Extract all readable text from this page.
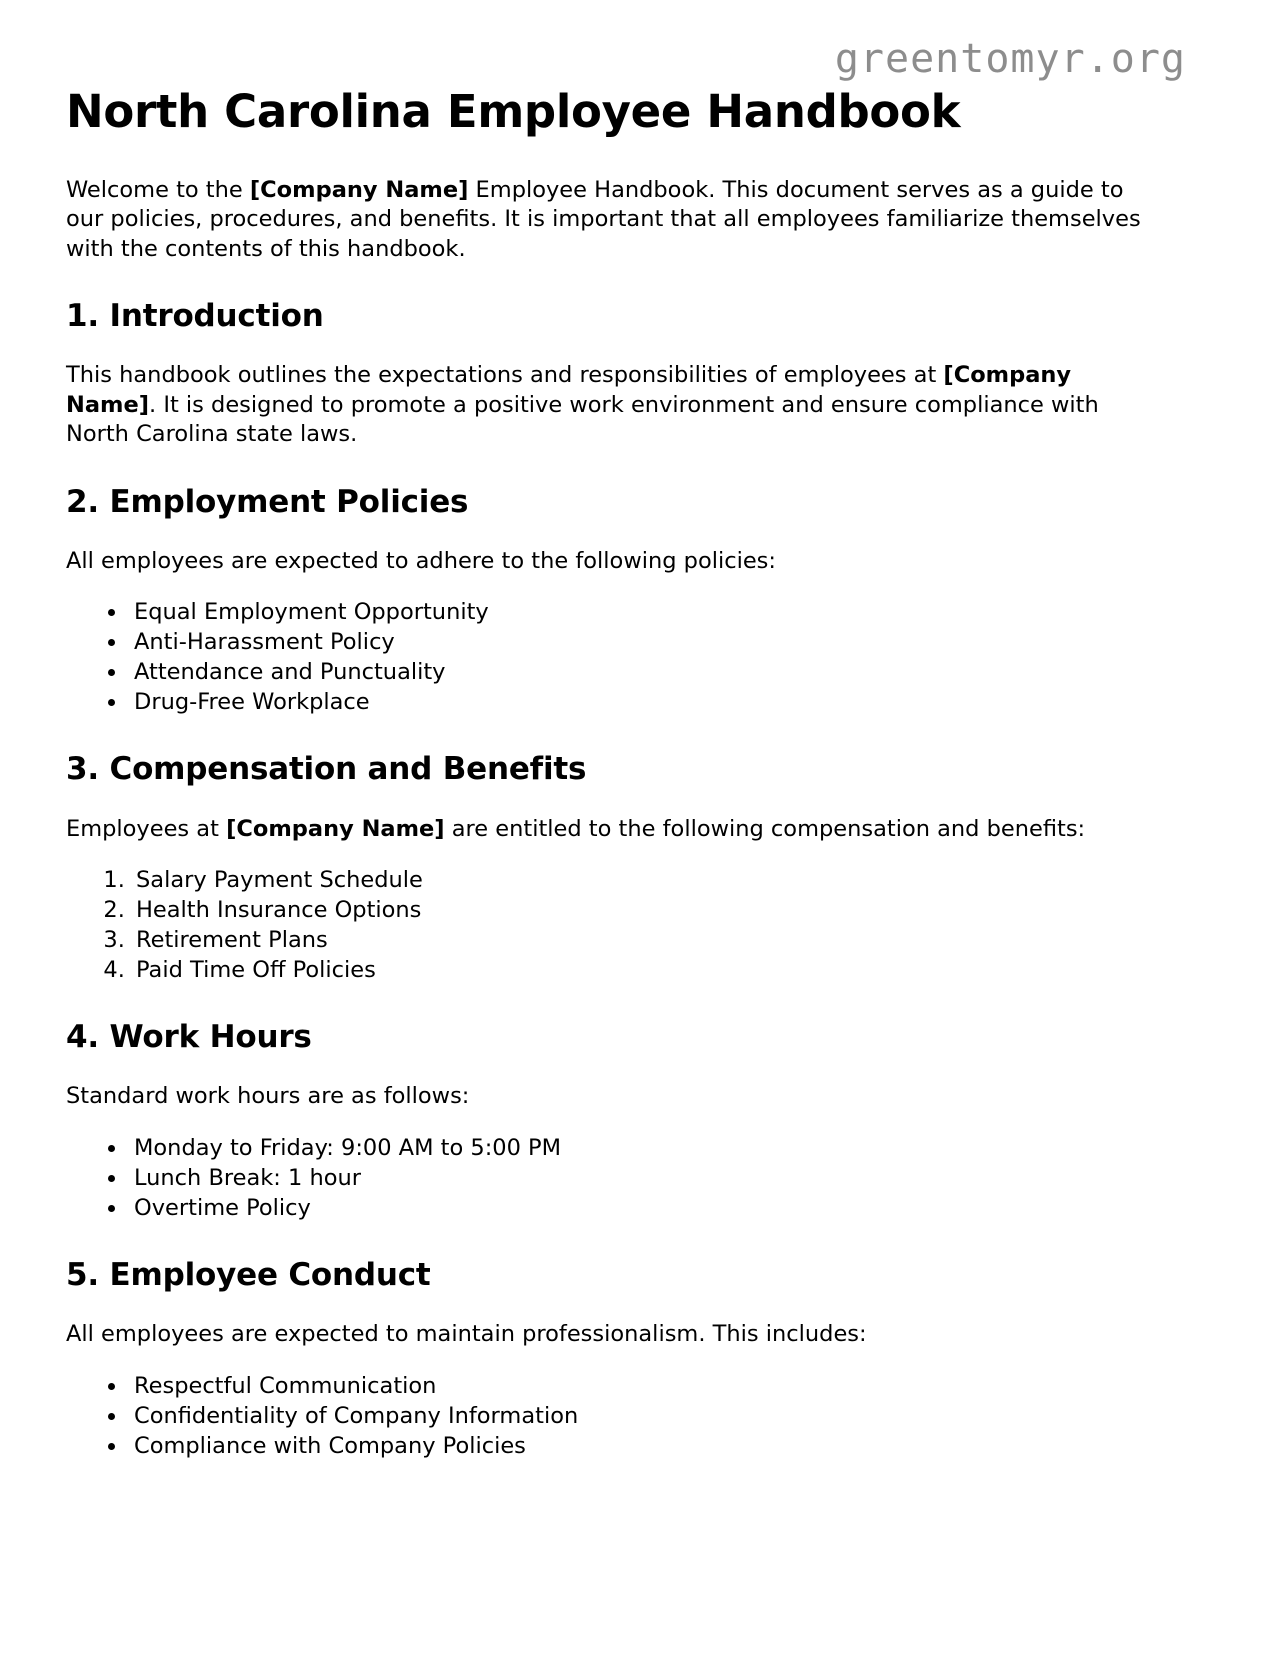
greentomyr.org
North Carolina Employee Handbook

Welcome to the [Company Name] Employee Handbook. This document serves as a guide to our policies, procedures, and benefits. It is important that all employees familiarize themselves with the contents of this handbook.

1. Introduction

This handbook outlines the expectations and responsibilities of employees at [Company Name]. It is designed to promote a positive work environment and ensure compliance with North Carolina state laws.

2. Employment Policies

All employees are expected to adhere to the following policies:

• Equal Employment Opportunity
• Anti-Harassment Policy
• Attendance and Punctuality
• Drug-Free Workplace
3. Compensation and Benefits

Employees at [Company Name] are entitled to the following compensation and benefits:

1. Salary Payment Schedule
2. Health Insurance Options
3. Retirement Plans
4. Paid Time Off Policies
4. Work Hours

Standard work hours are as follows:

• Monday to Friday: 9:00 AM to 5:00 PM
• Lunch Break: 1 hour
• Overtime Policy
5. Employee Conduct

All employees are expected to maintain professionalism. This includes:

• Respectful Communication
• Confidentiality of Company Information
• Compliance with Company Policies
